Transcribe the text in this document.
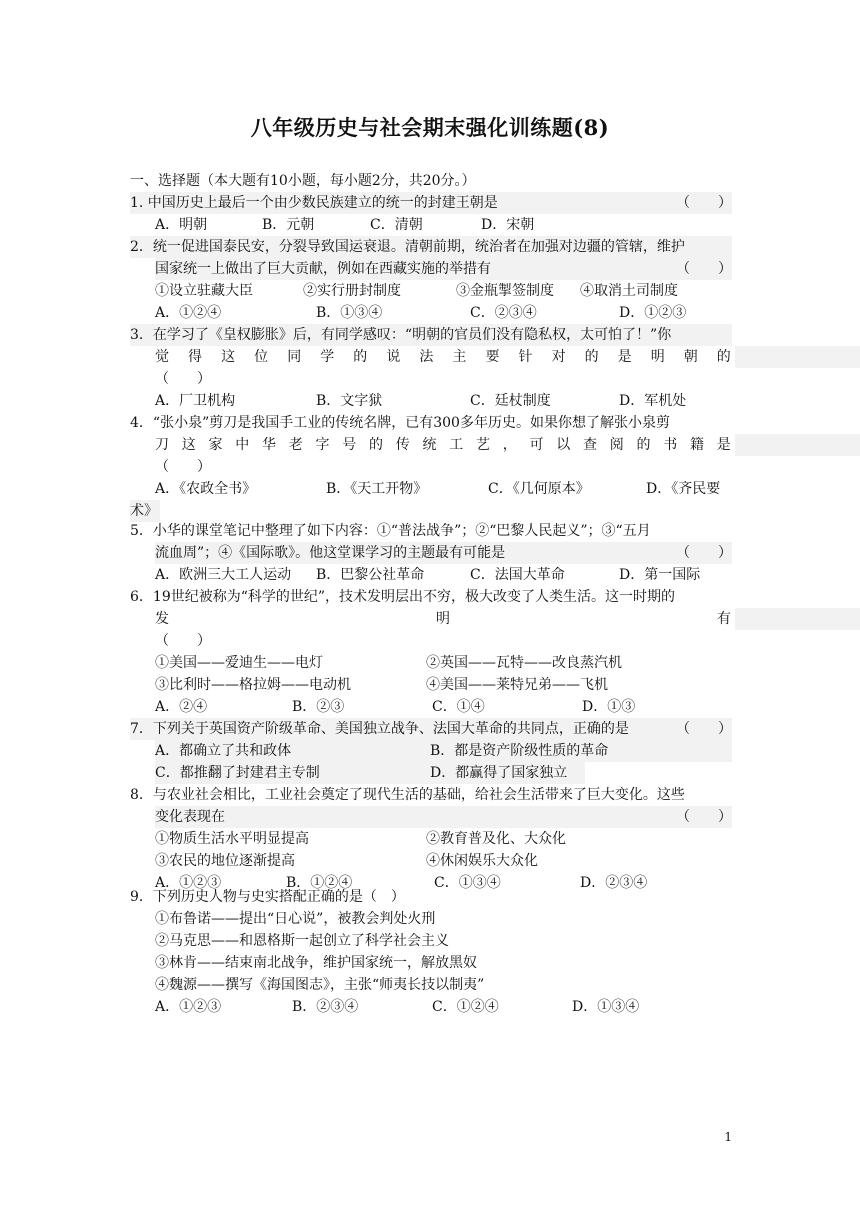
八年级历史与社会期末强化训练题(8)
一、选择题（本大题有10小题，每小题2分，共20分。）
1. 中国历史上最后一个由少数民族建立的统一的封建王朝是	（　　）
A．明朝	B．元朝	C．清朝	D．宋朝
2．统一促进国泰民安，分裂导致国运衰退。清朝前期，统治者在加强对边疆的管辖，维护
国家统一上做出了巨大贡献，例如在西藏实施的举措有	（　　）
①设立驻藏大臣	②实行册封制度	③金瓶掣签制度 ④取消土司制度
A．①②④	B．①③④	C．②③④	D．①②③
3．在学习了《皇权膨胀》后，有同学感叹：“明朝的官员们没有隐私权，太可怕了！”你
觉 得 这 位 同 学 的 说 法 主 要 针 对 的 是 明 朝 的
（　　）
A．厂卫机构	B．文字狱	C．廷杖制度	D．军机处
4．“张小泉”剪刀是我国手工业的传统名牌，已有300多年历史。如果你想了解张小泉剪
刀 这 家 中 华 老 字 号 的 传 统 工 艺 ， 可 以 查 阅 的 书 籍 是
（　　）
A．《农政全书》	B．《天工开物》	C．《几何原本》	D．《齐民要
术》
5．小华的课堂笔记中整理了如下内容：①“普法战争”；②“巴黎人民起义”；③“五月
流血周”；④《国际歌》。他这堂课学习的主题最有可能是	（　　）
A．欧洲三大工人运动 B．巴黎公社革命	C．法国大革命	D．第一国际
6．19世纪被称为“科学的世纪”，技术发明层出不穷，极大改变了人类生活。这一时期的
发	明	有
（　　）
①美国——爱迪生——电灯	②英国——瓦特——改良蒸汽机
③比利时——格拉姆——电动机	④美国——莱特兄弟——飞机
A．②④	B．②③	C．①④	D．①③
7．下列关于英国资产阶级革命、美国独立战争、法国大革命的共同点，正确的是	（　　）
A．都确立了共和政体	B．都是资产阶级性质的革命
C．都推翻了封建君主专制	D．都赢得了国家独立
8．与农业社会相比，工业社会奠定了现代生活的基础，给社会生活带来了巨大变化。这些
变化表现在	（　　）
①物质生活水平明显提高	②教育普及化、大众化
③农民的地位逐渐提高	④休闲娱乐大众化
A．①②③	B．①②④	C．①③④	D．②③④
9．下列历史人物与史实搭配正确的是（　）
①布鲁诺——提出“日心说”，被教会判处火刑
②马克思——和恩格斯一起创立了科学社会主义
③林肯——结束南北战争，维护国家统一，解放黑奴
④魏源——撰写《海国图志》，主张“师夷长技以制夷”
A．①②③	B．②③④	C．①②④	D．①③④
1
